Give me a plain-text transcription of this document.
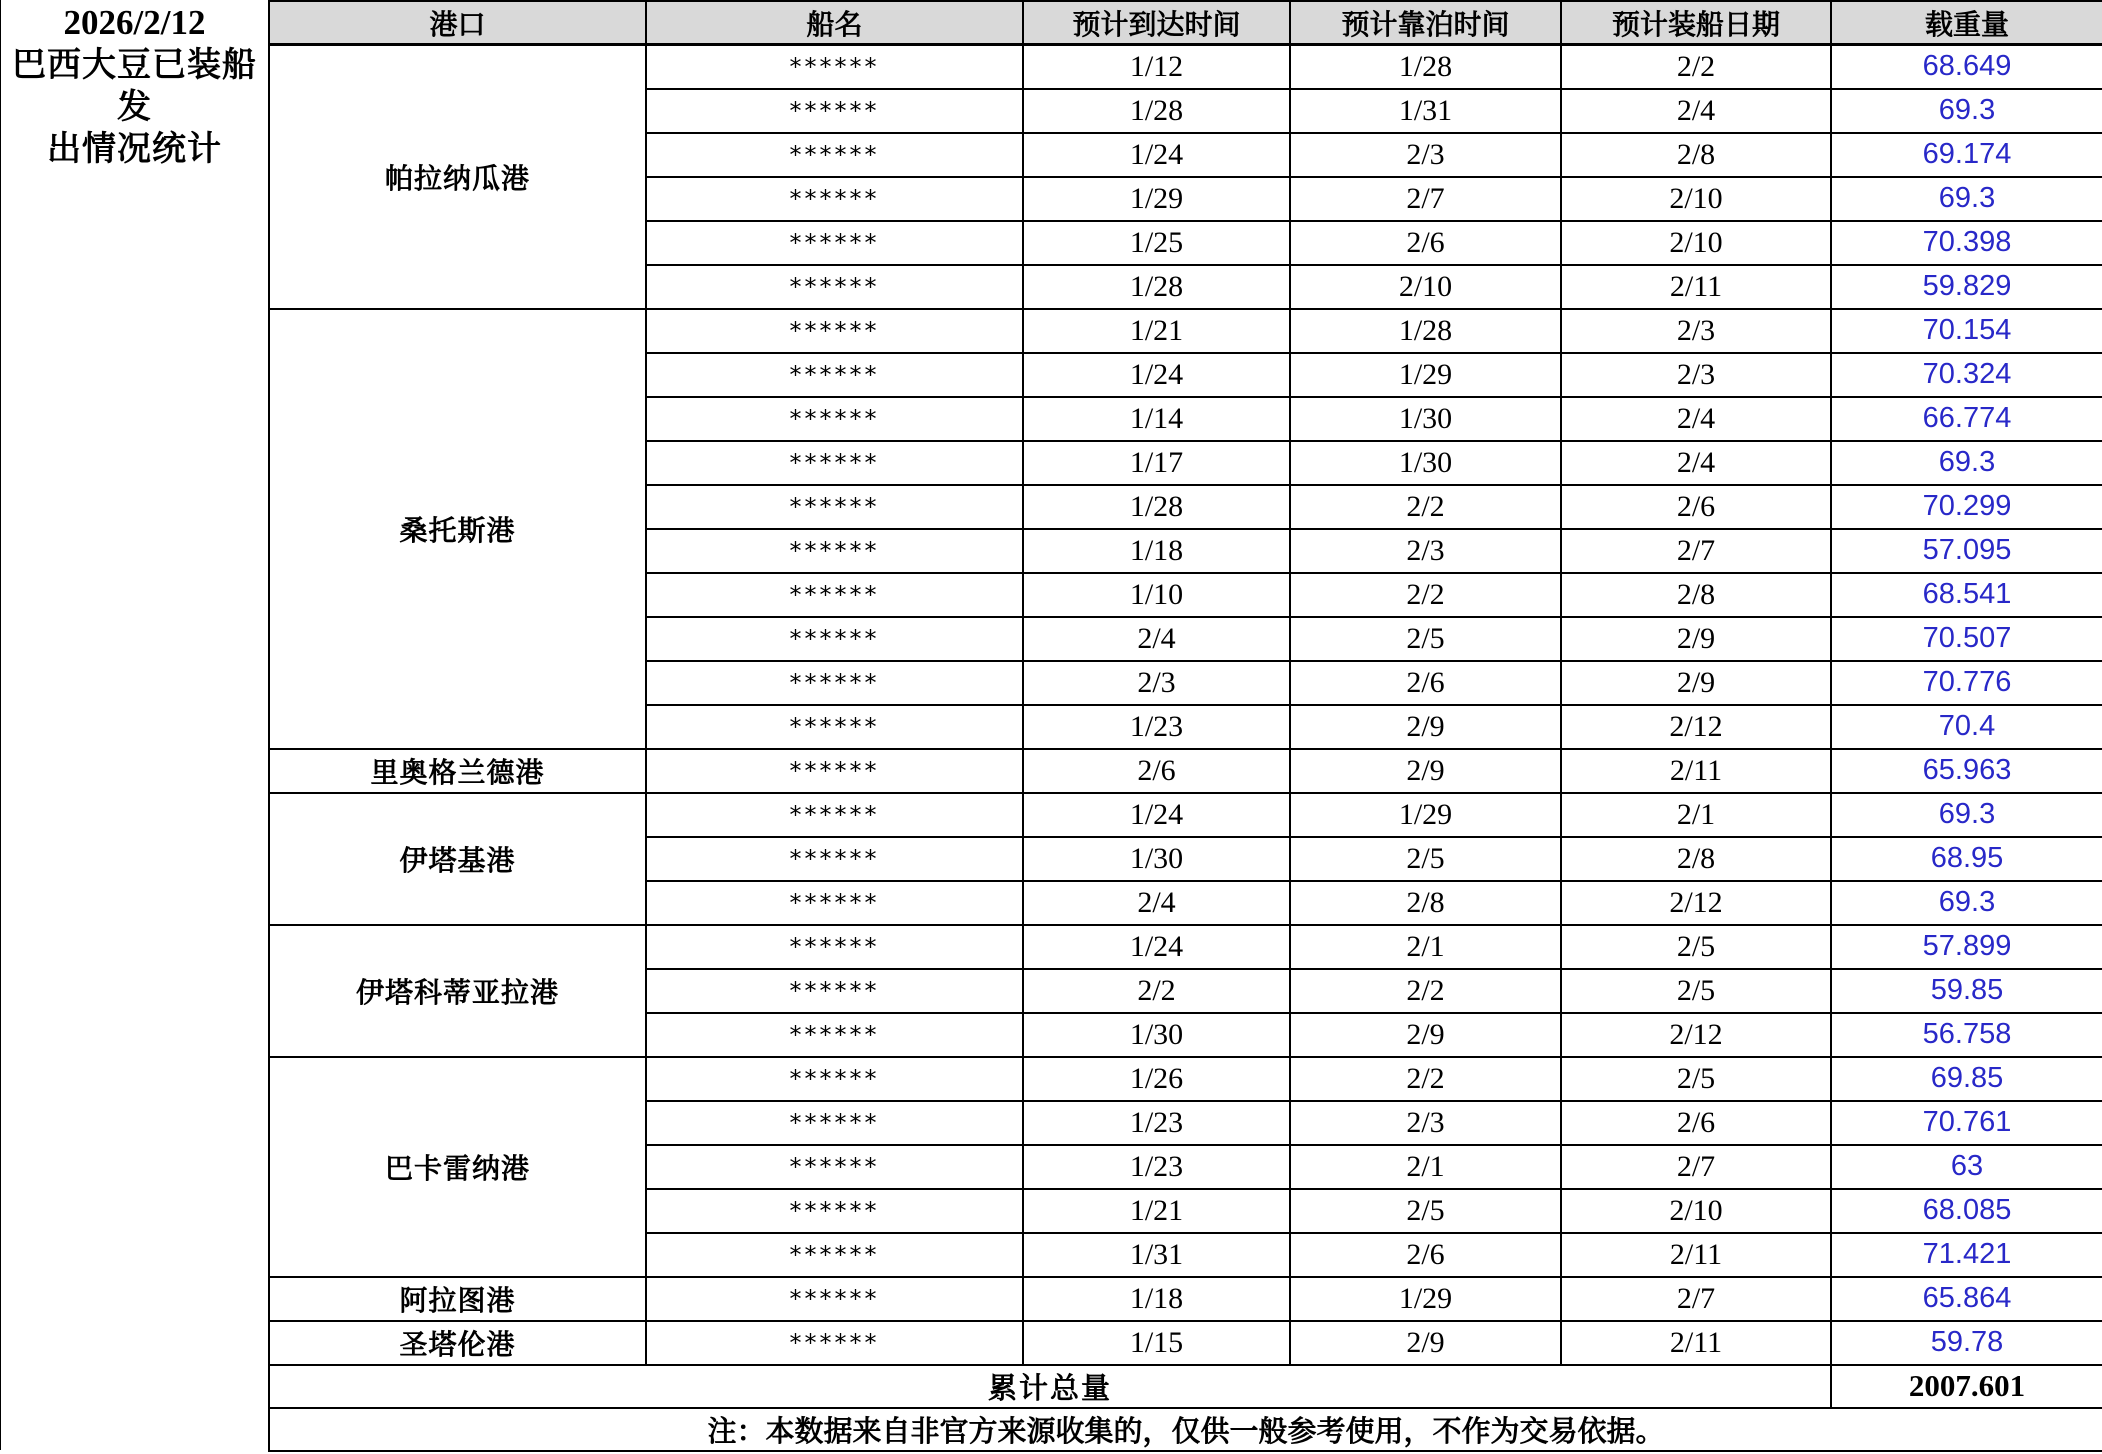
2026/2/12
巴西大豆已装船发
出情况统计
港口	船名	预计到达时间	预计靠泊时间	预计装船日期	载重量
帕拉纳瓜港	******	1/12	1/28	2/2	68.649
	******	1/28	1/31	2/4	69.3
	******	1/24	2/3	2/8	69.174
	******	1/29	2/7	2/10	69.3
	******	1/25	2/6	2/10	70.398
	******	1/28	2/10	2/11	59.829
桑托斯港	******	1/21	1/28	2/3	70.154
	******	1/24	1/29	2/3	70.324
	******	1/14	1/30	2/4	66.774
	******	1/17	1/30	2/4	69.3
	******	1/28	2/2	2/6	70.299
	******	1/18	2/3	2/7	57.095
	******	1/10	2/2	2/8	68.541
	******	2/4	2/5	2/9	70.507
	******	2/3	2/6	2/9	70.776
	******	1/23	2/9	2/12	70.4
里奥格兰德港	******	2/6	2/9	2/11	65.963
伊塔基港	******	1/24	1/29	2/1	69.3
	******	1/30	2/5	2/8	68.95
	******	2/4	2/8	2/12	69.3
伊塔科蒂亚拉港	******	1/24	2/1	2/5	57.899
	******	2/2	2/2	2/5	59.85
	******	1/30	2/9	2/12	56.758
巴卡雷纳港	******	1/26	2/2	2/5	69.85
	******	1/23	2/3	2/6	70.761
	******	1/23	2/1	2/7	63
	******	1/21	2/5	2/10	68.085
	******	1/31	2/6	2/11	71.421
阿拉图港	******	1/18	1/29	2/7	65.864
圣塔伦港	******	1/15	2/9	2/11	59.78
累计总量					2007.601
注：本数据来自非官方来源收集的，仅供一般参考使用，不作为交易依据。					
